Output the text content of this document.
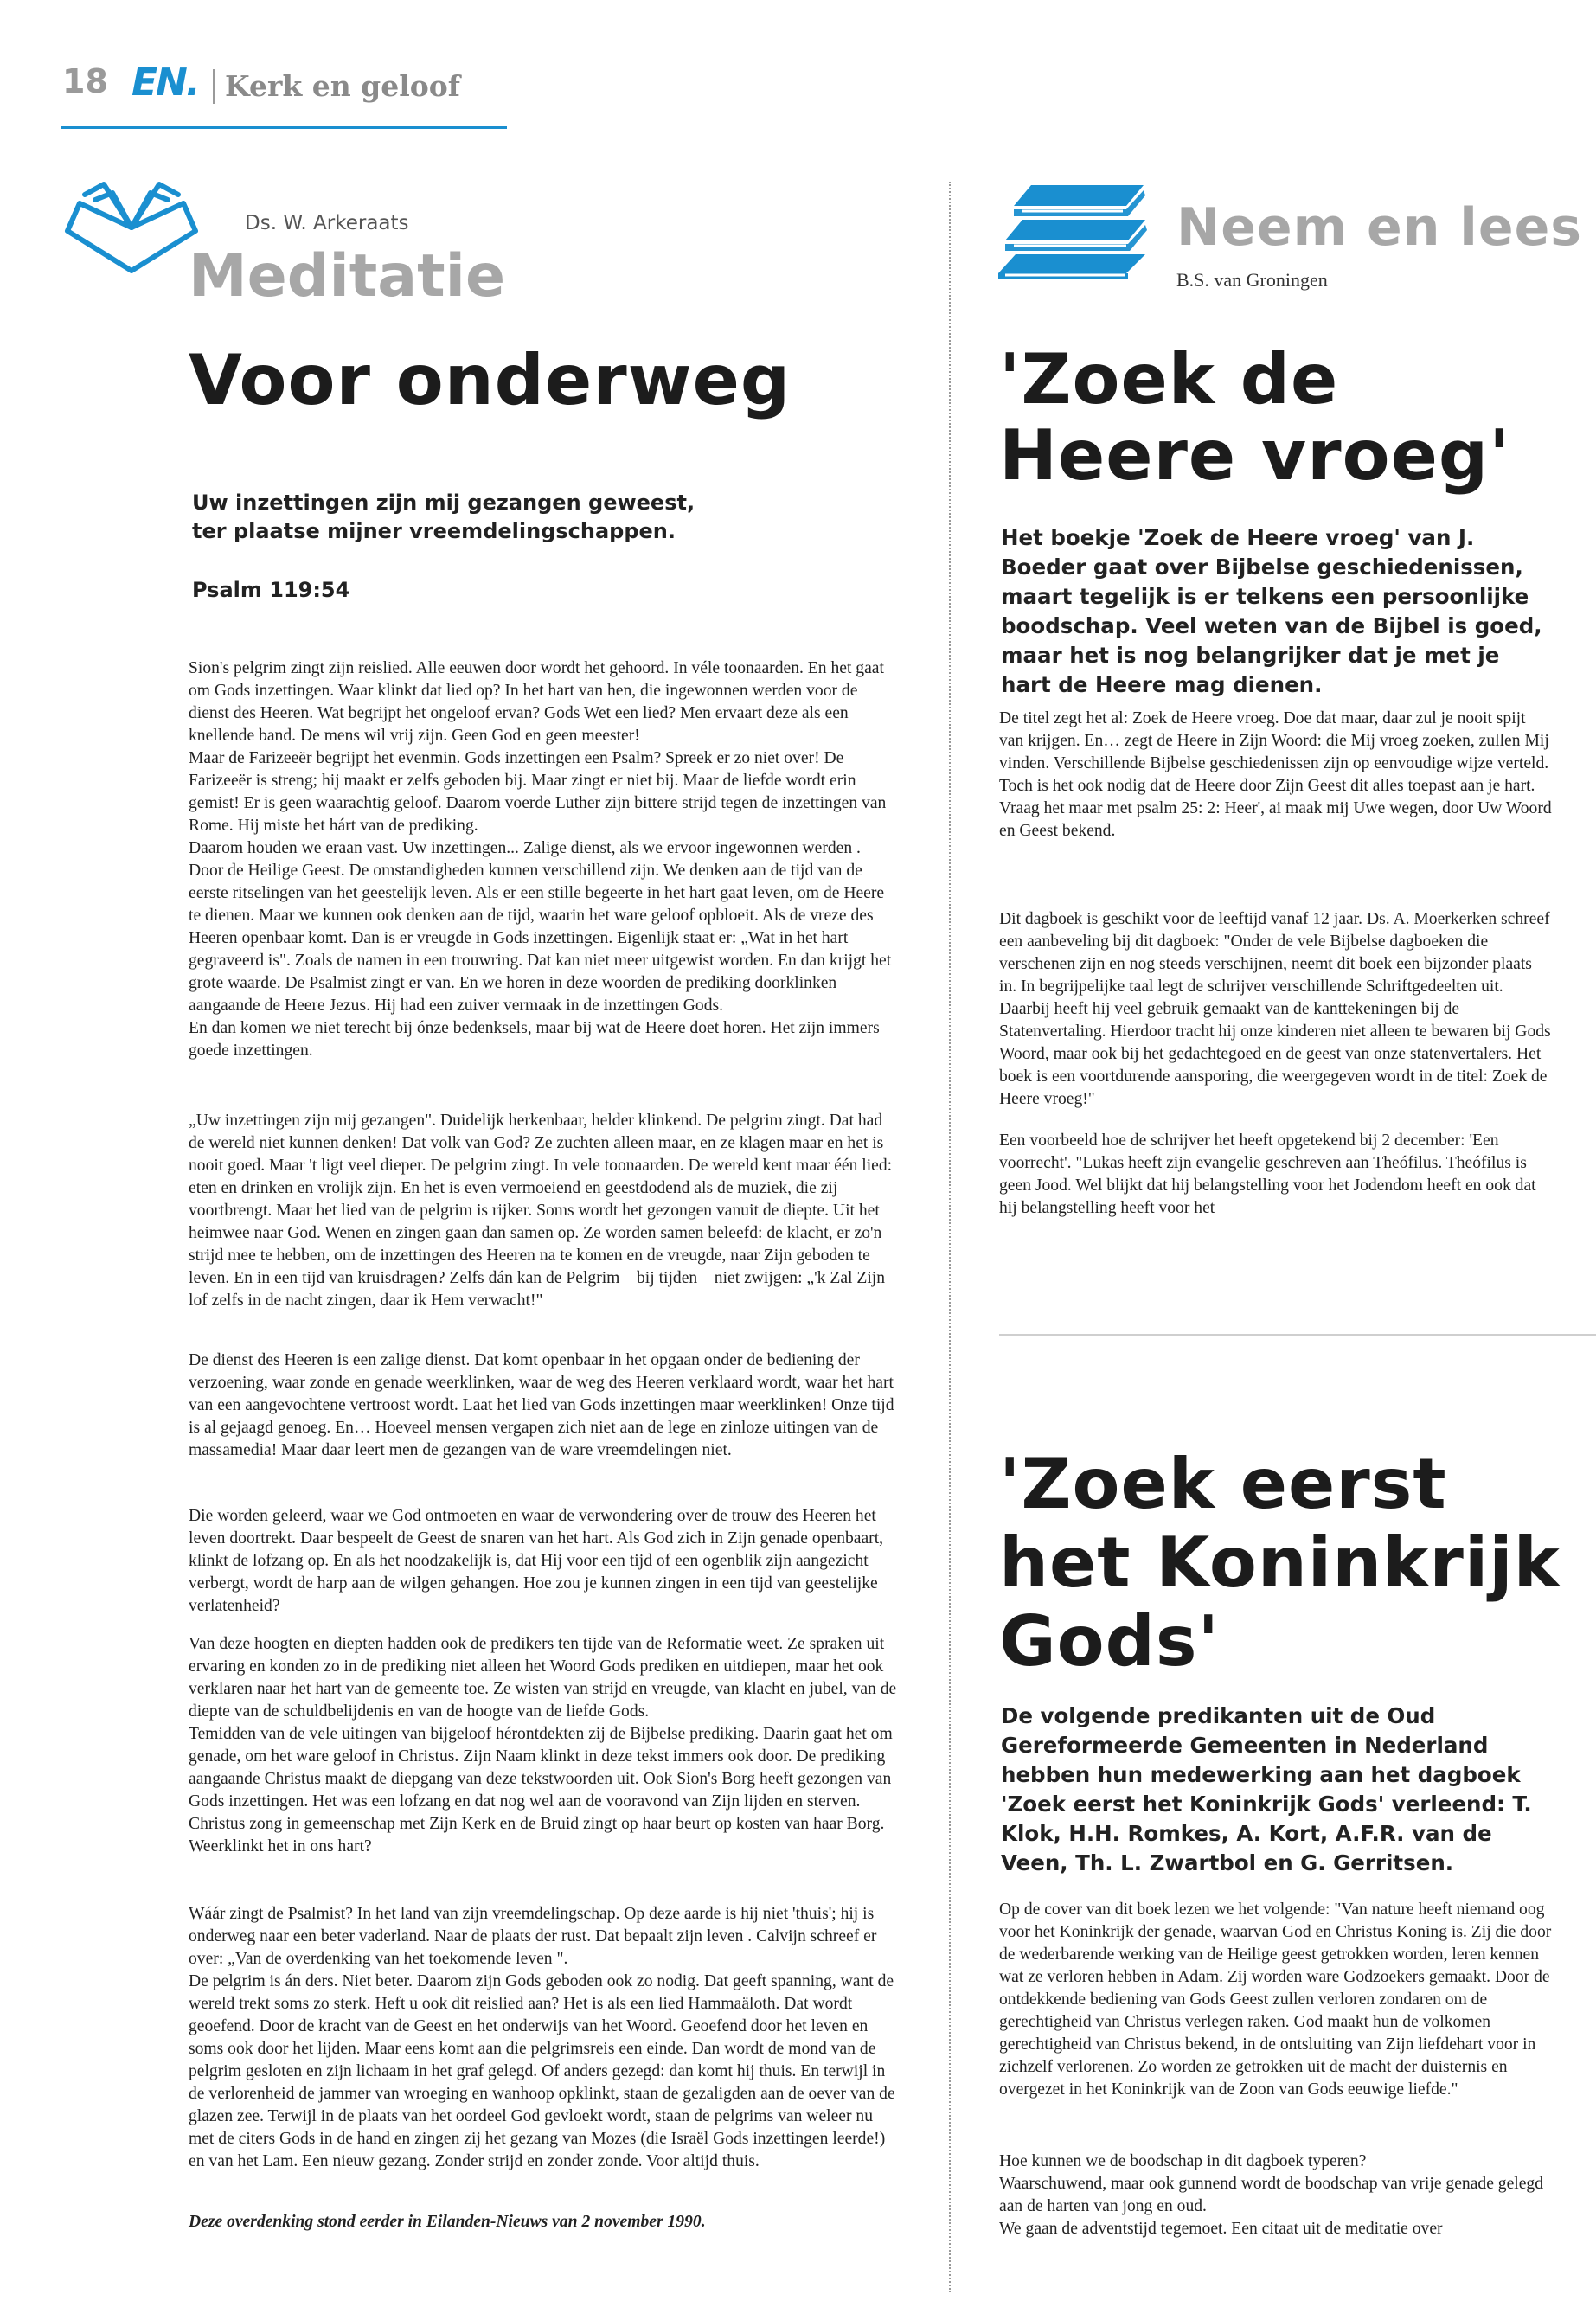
18 EN. Kerk en geloof
Ds. W. Arkeraats
Meditatie
Voor onderweg
Uw inzettingen zijn mij gezangen geweest, ter plaatse mijner vreemdelingschappen.
Psalm 119:54

Sion's pelgrim zingt zijn reislied. Alle eeuwen door wordt het gehoord. In véle toonaarden. En het gaat om Gods inzettingen. Waar klinkt dat lied op? In het hart van hen, die ingewonnen werden voor de dienst des Heeren. Wat begrijpt het ongeloof ervan? Gods Wet een lied? Men ervaart deze als een knellende band. De mens wil vrij zijn. Geen God en geen meester!
Maar de Farizeeër begrijpt het evenmin. Gods inzettingen een Psalm? Spreek er zo niet over! De Farizeeër is streng; hij maakt er zelfs geboden bij. Maar zingt er niet bij. Maar de liefde wordt erin gemist! Er is geen waarachtig geloof. Daarom voerde Luther zijn bittere strijd tegen de inzettingen van Rome. Hij miste het hárt van de prediking.
Daarom houden we eraan vast. Uw inzettingen... Zalige dienst, als we ervoor ingewonnen werden . Door de Heilige Geest. De omstandigheden kunnen verschillend zijn. We denken aan de tijd van de eerste ritselingen van het geestelijk leven. Als er een stille begeerte in het hart gaat leven, om de Heere te dienen. Maar we kunnen ook denken aan de tijd, waarin het ware geloof opbloeit. Als de vreze des Heeren openbaar komt. Dan is er vreugde in Gods inzettingen. Eigenlijk staat er: „Wat in het hart gegraveerd is". Zoals de namen in een trouwring. Dat kan niet meer uitgewist worden. En dan krijgt het grote waarde. De Psalmist zingt er van. En we horen in deze woorden de prediking doorklinken aangaande de Heere Jezus. Hij had een zuiver vermaak in de inzettingen Gods.
En dan komen we niet terecht bij ónze bedenksels, maar bij wat de Heere doet horen. Het zijn immers goede inzettingen.

„Uw inzettingen zijn mij gezangen". Duidelijk herkenbaar, helder klinkend. De pelgrim zingt. Dat had de wereld niet kunnen denken! Dat volk van God? Ze zuchten alleen maar, en ze klagen maar en het is nooit goed. Maar 't ligt veel dieper. De pelgrim zingt. In vele toonaarden. De wereld kent maar één lied: eten en drinken en vrolijk zijn. En het is even vermoeiend en geestdodend als de muziek, die zij voortbrengt. Maar het lied van de pelgrim is rijker. Soms wordt het gezongen vanuit de diepte. Uit het heimwee naar God. Wenen en zingen gaan dan samen op. Ze worden samen beleefd: de klacht, er zo'n strijd mee te hebben, om de inzettingen des Heeren na te komen en de vreugde, naar Zijn geboden te leven. En in een tijd van kruisdragen? Zelfs dán kan de Pelgrim – bij tijden – niet zwijgen: „'k Zal Zijn lof zelfs in de nacht zingen, daar ik Hem verwacht!"

De dienst des Heeren is een zalige dienst. Dat komt openbaar in het opgaan onder de bediening der verzoening, waar zonde en genade weerklinken, waar de weg des Heeren verklaard wordt, waar het hart van een aangevochtene vertroost wordt. Laat het lied van Gods inzettingen maar weerklinken! Onze tijd is al gejaagd genoeg. En… Hoeveel mensen vergapen zich niet aan de lege en zinloze uitingen van de massamedia! Maar daar leert men de gezangen van de ware vreemdelingen niet.

Die worden geleerd, waar we God ontmoeten en waar de verwondering over de trouw des Heeren het leven doortrekt. Daar bespeelt de Geest de snaren van het hart. Als God zich in Zijn genade openbaart, klinkt de lofzang op. En als het noodzakelijk is, dat Hij voor een tijd of een ogenblik zijn aangezicht verbergt, wordt de harp aan de wilgen gehangen. Hoe zou je kunnen zingen in een tijd van geestelijke verlatenheid?

Van deze hoogten en diepten hadden ook de predikers ten tijde van de Reformatie weet. Ze spraken uit ervaring en konden zo in de prediking niet alleen het Woord Gods prediken en uitdiepen, maar het ook verklaren naar het hart van de gemeente toe. Ze wisten van strijd en vreugde, van klacht en jubel, van de diepte van de schuldbelijdenis en van de hoogte van de liefde Gods.
Temidden van de vele uitingen van bijgeloof hérontdekten zij de Bijbelse prediking. Daarin gaat het om genade, om het ware geloof in Christus. Zijn Naam klinkt in deze tekst immers ook door. De prediking aangaande Christus maakt de diepgang van deze tekstwoorden uit. Ook Sion's Borg heeft gezongen van Gods inzettingen. Het was een lofzang en dat nog wel aan de vooravond van Zijn lijden en sterven. Christus zong in gemeenschap met Zijn Kerk en de Bruid zingt op haar beurt op kosten van haar Borg. Weerklinkt het in ons hart?

Wáár zingt de Psalmist? In het land van zijn vreemdelingschap. Op deze aarde is hij niet 'thuis'; hij is onderweg naar een beter vaderland. Naar de plaats der rust. Dat bepaalt zijn leven . Calvijn schreef er over: „Van de overdenking van het toekomende leven ".
De pelgrim is án ders. Niet beter. Daarom zijn Gods geboden ook zo nodig. Dat geeft spanning, want de wereld trekt soms zo sterk. Heft u ook dit reislied aan? Het is als een lied Hammaäloth. Dat wordt geoefend. Door de kracht van de Geest en het onderwijs van het Woord. Geoefend door het leven en soms ook door het lijden. Maar eens komt aan die pelgrimsreis een einde. Dan wordt de mond van de pelgrim gesloten en zijn lichaam in het graf gelegd. Of anders gezegd: dan komt hij thuis. En terwijl in de verlorenheid de jammer van wroeging en wanhoop opklinkt, staan de gezaligden aan de oever van de glazen zee. Terwijl in de plaats van het oordeel God gevloekt wordt, staan de pelgrims van weleer nu met de citers Gods in de hand en zingen zij het gezang van Mozes (die Israël Gods inzettingen leerde!) en van het Lam. Een nieuw gezang. Zonder strijd en zonder zonde. Voor altijd thuis.

Deze overdenking stond eerder in Eilanden-Nieuws van 2 november 1990.
Neem en lees
B.S. van Groningen
'Zoek de Heere vroeg'
Het boekje 'Zoek de Heere vroeg' van J. Boeder gaat over Bijbelse geschiedenissen, maart tegelijk is er telkens een persoonlijke boodschap. Veel weten van de Bijbel is goed, maar het is nog belangrijker dat je met je hart de Heere mag dienen.

De titel zegt het al: Zoek de Heere vroeg. Doe dat maar, daar zul je nooit spijt van krijgen. En… zegt de Heere in Zijn Woord: die Mij vroeg zoeken, zullen Mij vinden. Verschillende Bijbelse geschiedenissen zijn op eenvoudige wijze verteld. Toch is het ook nodig dat de Heere door Zijn Geest dit alles toepast aan je hart. Vraag het maar met psalm 25: 2: Heer', ai maak mij Uwe wegen, door Uw Woord en Geest bekend.

Dit dagboek is geschikt voor de leeftijd vanaf 12 jaar. Ds. A. Moerkerken schreef een aanbeveling bij dit dagboek: "Onder de vele Bijbelse dagboeken die verschenen zijn en nog steeds verschijnen, neemt dit boek een bijzonder plaats in. In begrijpelijke taal legt de schrijver verschillende Schriftgedeelten uit. Daarbij heeft hij veel gebruik gemaakt van de kanttekeningen bij de Statenvertaling. Hierdoor tracht hij onze kinderen niet alleen te bewaren bij Gods Woord, maar ook bij het gedachtegoed en de geest van onze statenvertalers. Het boek is een voortdurende aansporing, die weergegeven wordt in de titel: Zoek de Heere vroeg!"

Een voorbeeld hoe de schrijver het heeft opgetekend bij 2 december: 'Een voorrecht'. "Lukas heeft zijn evangelie geschreven aan Theófilus. Theófilus is geen Jood. Wel blijkt dat hij belangstelling voor het Jodendom heeft en ook dat hij belangstelling heeft voor het

'Zoek eerst het Koninkrijk Gods'
De volgende predikanten uit de Oud Gereformeerde Gemeenten in Nederland hebben hun medewerking aan het dagboek 'Zoek eerst het Koninkrijk Gods' verleend: T. Klok, H.H. Romkes, A. Kort, A.F.R. van de Veen, Th. L. Zwartbol en G. Gerritsen.

Op de cover van dit boek lezen we het volgende: "Van nature heeft niemand oog voor het Koninkrijk der genade, waarvan God en Christus Koning is. Zij die door de wederbarende werking van de Heilige geest getrokken worden, leren kennen wat ze verloren hebben in Adam. Zij worden ware Godzoekers gemaakt. Door de ontdekkende bediening van Gods Geest zullen verloren zondaren om de gerechtigheid van Christus verlegen raken. God maakt hun de volkomen gerechtigheid van Christus bekend, in de ontsluiting van Zijn liefdehart voor in zichzelf verlorenen. Zo worden ze getrokken uit de macht der duisternis en overgezet in het Koninkrijk van de Zoon van Gods eeuwige liefde."

Hoe kunnen we de boodschap in dit dagboek typeren?
Waarschuwend, maar ook gunnend wordt de boodschap van vrije genade gelegd aan de harten van jong en oud.
We gaan de adventstijd tegemoet. Een citaat uit de meditatie over
